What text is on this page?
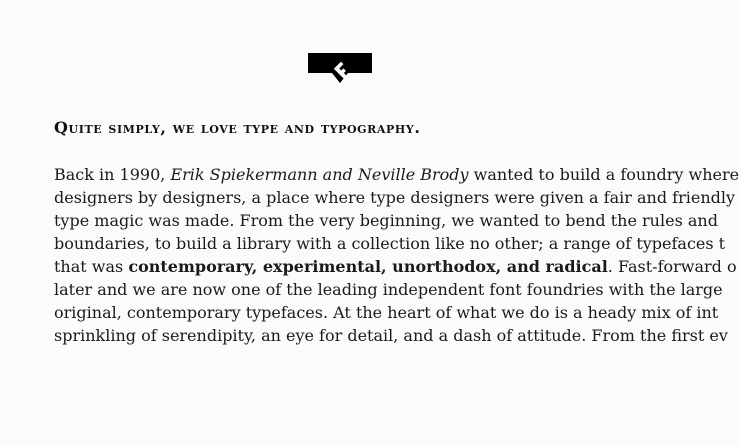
Quite simply, we love type and typography.
Back in 1990, Erik Spiekermann and Neville Brody wanted to build a foundry where
designers by designers, a place where type designers were given a fair and friendly
type magic was made. From the very beginning, we wanted to bend the rules and
boundaries, to build a library with a collection like no other; a range of typefaces t
that was contemporary, experimental, unorthodox, and radical. Fast-forward o
later and we are now one of the leading independent font foundries with the large
original, contemporary typefaces. At the heart of what we do is a heady mix of int
sprinkling of serendipity, an eye for detail, and a dash of attitude. From the first ev
